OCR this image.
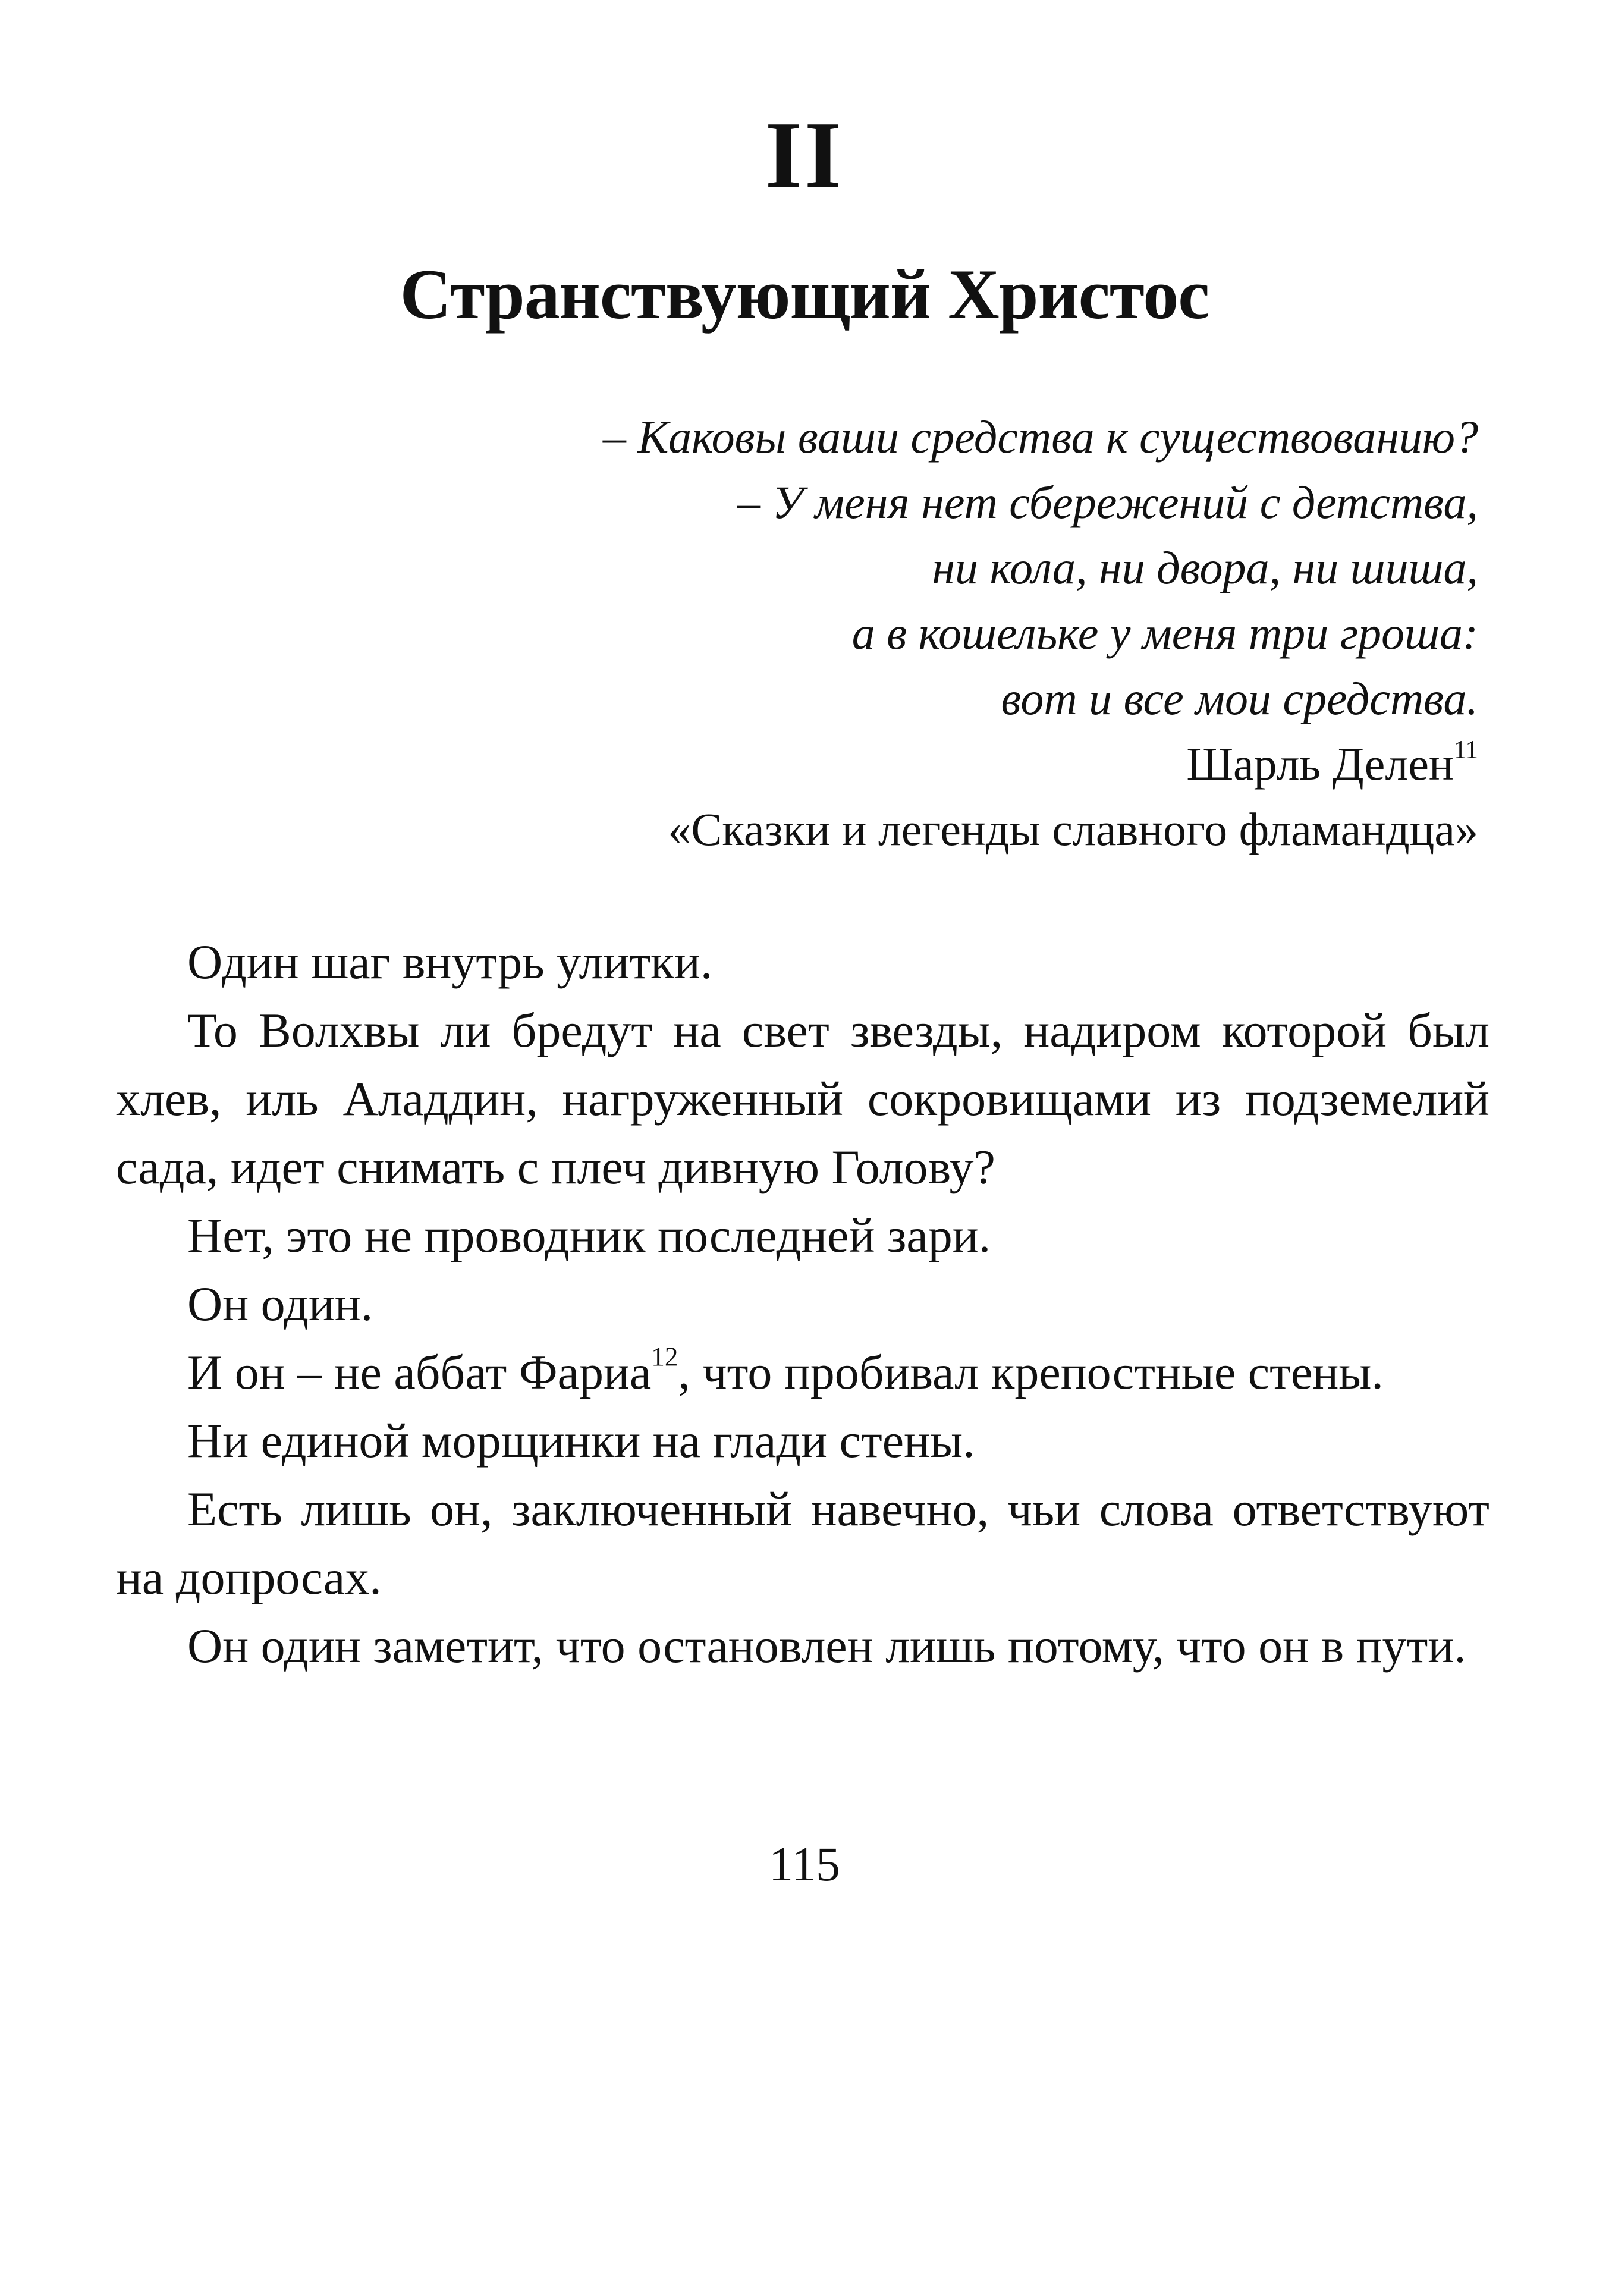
II
Странствующий Христос
– Каковы ваши средства к существованию?
– У меня нет сбережений с детства,
ни кола, ни двора, ни шиша,
а в кошельке у меня три гроша:
вот и все мои средства.
Шарль Делен$^{11}$
«Сказки и легенды славного фламандца»

Один шаг внутрь улитки.

То Волхвы ли бредут на свет звезды, надиром которой был хлев, иль Аладдин, нагруженный сокровищами из подземелий сада, идет снимать с плеч дивную Голову?

Нет, это не проводник последней зари.

Он один.

И он – не аббат Фариа$^{12}$, что пробивал крепостные стены.

Ни единой морщинки на глади стены.

Есть лишь он, заключенный навечно, чьи слова ответствуют на допросах.

Он один заметит, что остановлен лишь потому, что он в пути.

115
